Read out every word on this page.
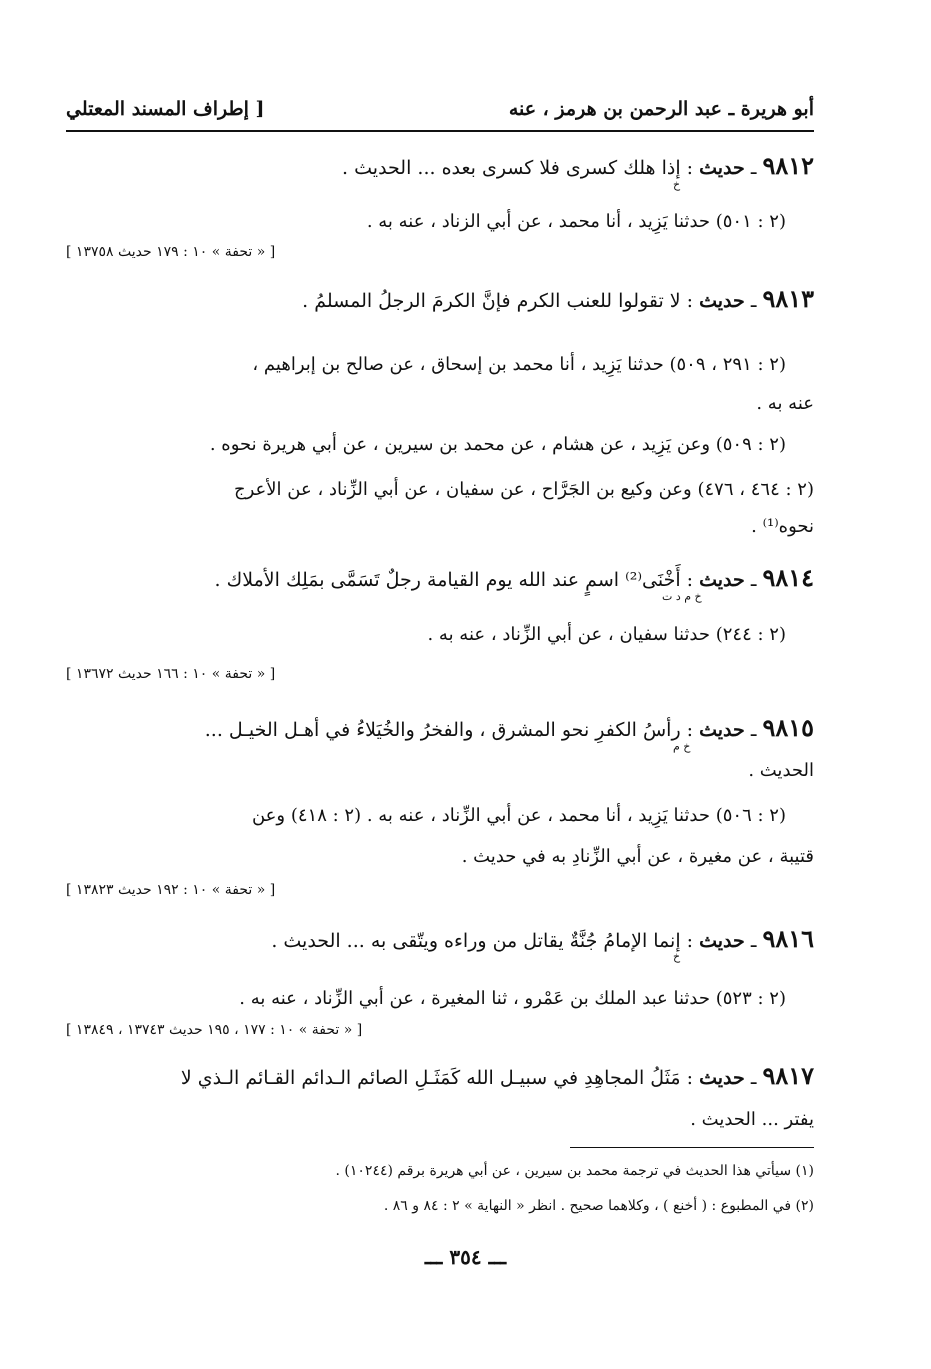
أبو هريرة ـ عبد الرحمن بن هرمز ، عنه
[ إطراف المسند المعتلي
٩٨١٢ ـ حديث : إذا هلك كسرى فلا كسرى بعده ... الحديث .
خ
(٢ : ٥٠١) حدثنا يَزِيد ، أنا محمد ، عن أبي الزناد ، عنه به .
[ « تحفة » ١٠ : ١٧٩ حديث ١٣٧٥٨ ]
٩٨١٣ ـ حديث : لا تقولوا للعنب الكرم فإنَّ الكرمَ الرجلُ المسلمُ .
(٢ : ٢٩١ ، ٥٠٩) حدثنا يَزِيد ، أنا محمد بن إسحاق ، عن صالح بن إبراهيم ،
عنه به .
(٢ : ٥٠٩) وعن يَزِيد ، عن هشام ، عن محمد بن سيرين ، عن أبي هريرة نحوه .
(٢ : ٤٦٤ ، ٤٧٦) وعن وكيع بن الجَرَّاح ، عن سفيان ، عن أبي الزِّناد ، عن الأعرج
نحوه⁽¹⁾ .
٩٨١٤ ـ حديث : أَخْنَى⁽²⁾ اسمٍ عند الله يوم القيامة رجلٌ تَسَمَّى بمَلِك الأملاك .
خ م د ت
(٢ : ٢٤٤) حدثنا سفيان ، عن أبي الزِّناد ، عنه به .
[ « تحفة » ١٠ : ١٦٦ حديث ١٣٦٧٢ ]
٩٨١٥ ـ حديث : رأسُ الكفرِ نحو المشرق ، والفخرُ والخُيَلاءُ في أهـل الخيـل ...
خ م
الحديث .
(٢ : ٥٠٦) حدثنا يَزِيد ، أنا محمد ، عن أبي الزِّناد ، عنه به . (٢ : ٤١٨) وعن
قتيبة ، عن مغيرة ، عن أبي الزِّنادِ به في حديث .
[ « تحفة » ١٠ : ١٩٢ حديث ١٣٨٢٣ ]
٩٨١٦ ـ حديث : إنما الإمامُ جُنَّةٌ يقاتل من وراءه ويتّقى به ... الحديث .
خ
(٢ : ٥٢٣) حدثنا عبد الملك بن عَمْرو ، ثنا المغيرة ، عن أبي الزِّناد ، عنه به .
[ « تحفة » ١٠ : ١٧٧ ، ١٩٥ حديث ١٣٧٤٣ ، ١٣٨٤٩ ]
٩٨١٧ ـ حديث : مَثَلُ المجاهِدِ في سبيـل الله كَمَثَـلِ الصائم الـدائم القـائم الـذي لا
يفتر ... الحديث .
(١) سيأتي هذا الحديث في ترجمة محمد بن سيرين ، عن أبي هريرة برقم (١٠٢٤٤) .
(٢) في المطبوع : ( أخنع ) ، وكلاهما صحيح . انظر « النهاية » ٢ : ٨٤ و ٨٦ .
ـــ ٣٥٤ ـــ
